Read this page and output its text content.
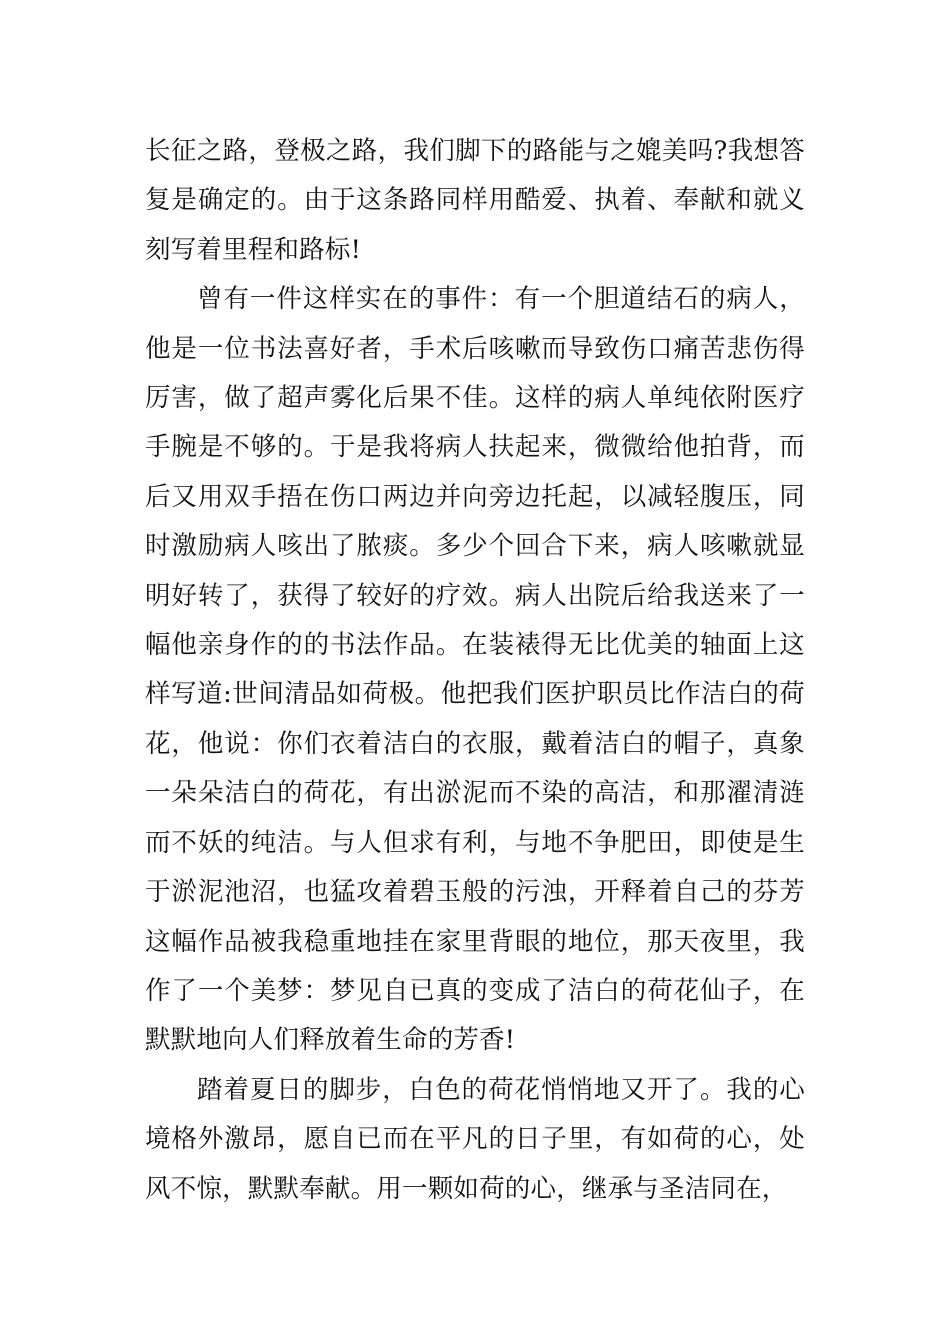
长征之路，登极之路，我们脚下的路能与之媲美吗?我想答复是确定的。由于这条路同样用酷爱、执着、奉献和就义刻写着里程和路标!

曾有一件这样实在的事件：有一个胆道结石的病人，他是一位书法喜好者，手术后咳嗽而导致伤口痛苦悲伤得厉害，做了超声雾化后果不佳。这样的病人单纯依附医疗手腕是不够的。于是我将病人扶起来，微微给他拍背，而后又用双手捂在伤口两边并向旁边托起，以减轻腹压，同时激励病人咳出了脓痰。多少个回合下来，病人咳嗽就显明好转了，获得了较好的疗效。病人出院后给我送来了一幅他亲身作的的书法作品。在装裱得无比优美的轴面上这样写道:世间清品如荷极。他把我们医护职员比作洁白的荷花，他说：你们衣着洁白的衣服，戴着洁白的帽子，真象一朵朵洁白的荷花，有出淤泥而不染的高洁，和那濯清涟而不妖的纯洁。与人但求有利，与地不争肥田，即使是生于淤泥池沼，也猛攻着碧玉般的污浊，开释着自己的芬芳这幅作品被我稳重地挂在家里背眼的地位，那天夜里，我作了一个美梦：梦见自已真的变成了洁白的荷花仙子，在默默地向人们释放着生命的芳香!

踏着夏日的脚步，白色的荷花悄悄地又开了。我的心境格外激昂，愿自已而在平凡的日子里，有如荷的心，处风不惊，默默奉献。用一颗如荷的心，继承与圣洁同在，
